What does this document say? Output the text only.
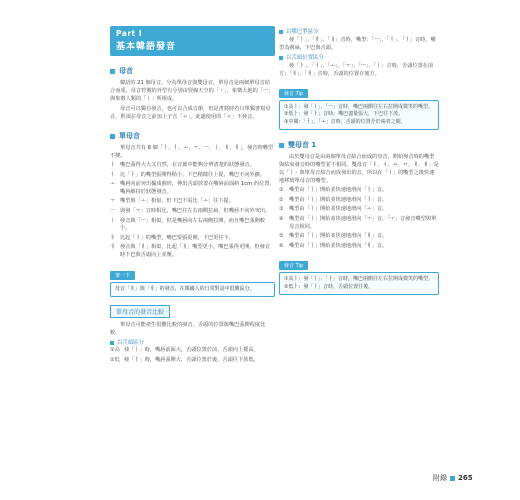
Part I
基本韓語發音
母音

韓語的 21 個母音，分為單母音與雙母音。單母音是兩個單母音結合而成。母音符號的外型有分別由豎線天空的「・」、象徵大地的「ㅡ」與象徵人類的「ㅣ」所組成。

母音可以獨自發音，也可以合成音節，但是書寫時若只單獨書寫母音，則須在母音之前加上子音「ㅇ」，此處使用的「ㅇ」不發音。

單母音

單母音共有 8 個「ㅏ、ㅓ、ㅗ、ㅜ、ㅡ、ㅣ、ㅐ、ㅔ」，發音時嘴型不變。

ㅏ 嘴巴張得大大又自然，在音節中能夠分辨清楚的狀態發音。
ㅓ 比「ㅏ」的嘴型張開得稍小，下巴稍微往上提，嘴巴不向外擴。
ㅗ 嘴唇向前突出撮成圓形，伸出舌頭放置在嘴唇前面約 1cm 的位置，嘴唇維持於狀態發音。
ㅜ 嘴型與「ㅗ」相似，但下巴不需比「ㅗ」往下提。
ㅡ 與發「ㅜ」音時相比，嘴巴往左右兩側拉扁，但嘴唇不向外突出。
ㅣ 發音與「ㅡ」相似，但是嘴唇向左右兩側拉開，而且嘴巴張開較小。
ㅐ 比起「ㅏ」的嘴型，嘴巴要張更開，下巴更往下。
ㅔ 發音與「ㅐ」相似，比起「ㅐ」嘴型更小，嘴巴張得更開，但發音時下巴與舌頭向上並壓。
筆一下
母音「ㅐ」與「ㅔ」的發音，在韓國人的日常對話中很難區分。
單母音的發音比較

單母音可能產生很難比較的發音，舌頭的位置與嘴巴張開程度比較。

以舌頭區分
①高 發「ㅣ」時，嘴唇前面大，舌頭位置於前，舌頭向上擡高。
②低 發「ㅏ」時，嘴唇張開大，舌頭位置於後，舌頭往下放低。
以嘴巴型區分

發「ㅣ」、「ㅔ」、「ㅐ」音時，嘴型：「ㅡ」、「ㅓ」、「ㅏ」音時，嘴型為圓扁，下巴與舌頭。

以舌頭位置區分

發「ㅏ」、「ㅓ」、「ㅗ」、「ㅜ」、「ㅡ」、「ㅣ」音時，舌頭位置在前方；「ㅐ」、「ㅔ」音時，舌頭的位置在後方。

發音 Tip
①高ㅣ：發「ㅣ」、「ㅡ」音時，嘴巴兩側往左右拉開成微笑的嘴型。
②低ㅏ：發「ㅏ」音時，嘴巴盡量張大，下巴往下放。
③中間：「ㅓ」、「ㅗ」音時，舌頭的位置介於兩者之間。
雙母音 1

由於雙母音是由兩個單母音結合而成的母音，開始發音時的嘴型與結束發音時的嘴型並不相同。雙母音「ㅑ、ㅕ、ㅛ、ㅠ、ㅒ、ㅖ」是以「ㅣ」與單母音結合而成發出的音，所以在「ㅣ」的嘴型之後快速地移到單母音的嘴型。

①	嘴型由「ㅣ」開始並快速地滑向「ㅏ」音。
②	嘴型由「ㅣ」開始並快速地滑向「ㅓ」音。
③	嘴型由「ㅣ」開始並快速地滑向「ㅗ」音。
④	嘴型由「ㅣ」開始並快速地滑向「ㅜ」音，「ㅜ」音發音嘴型與單母音相同。
⑤	嘴型由「ㅣ」開始並快速地滑向「ㅐ」音。
⑥	嘴型由「ㅣ」開始並快速地滑向「ㅔ」音。
發音 Tip
①高ㅣ：發「ㅣ」、「ㅏ」音時，嘴巴兩側往左右拉開成微笑的嘴型。
②低ㅏ：發「ㅏ」音時，舌頭位置往後。
附錄 265
